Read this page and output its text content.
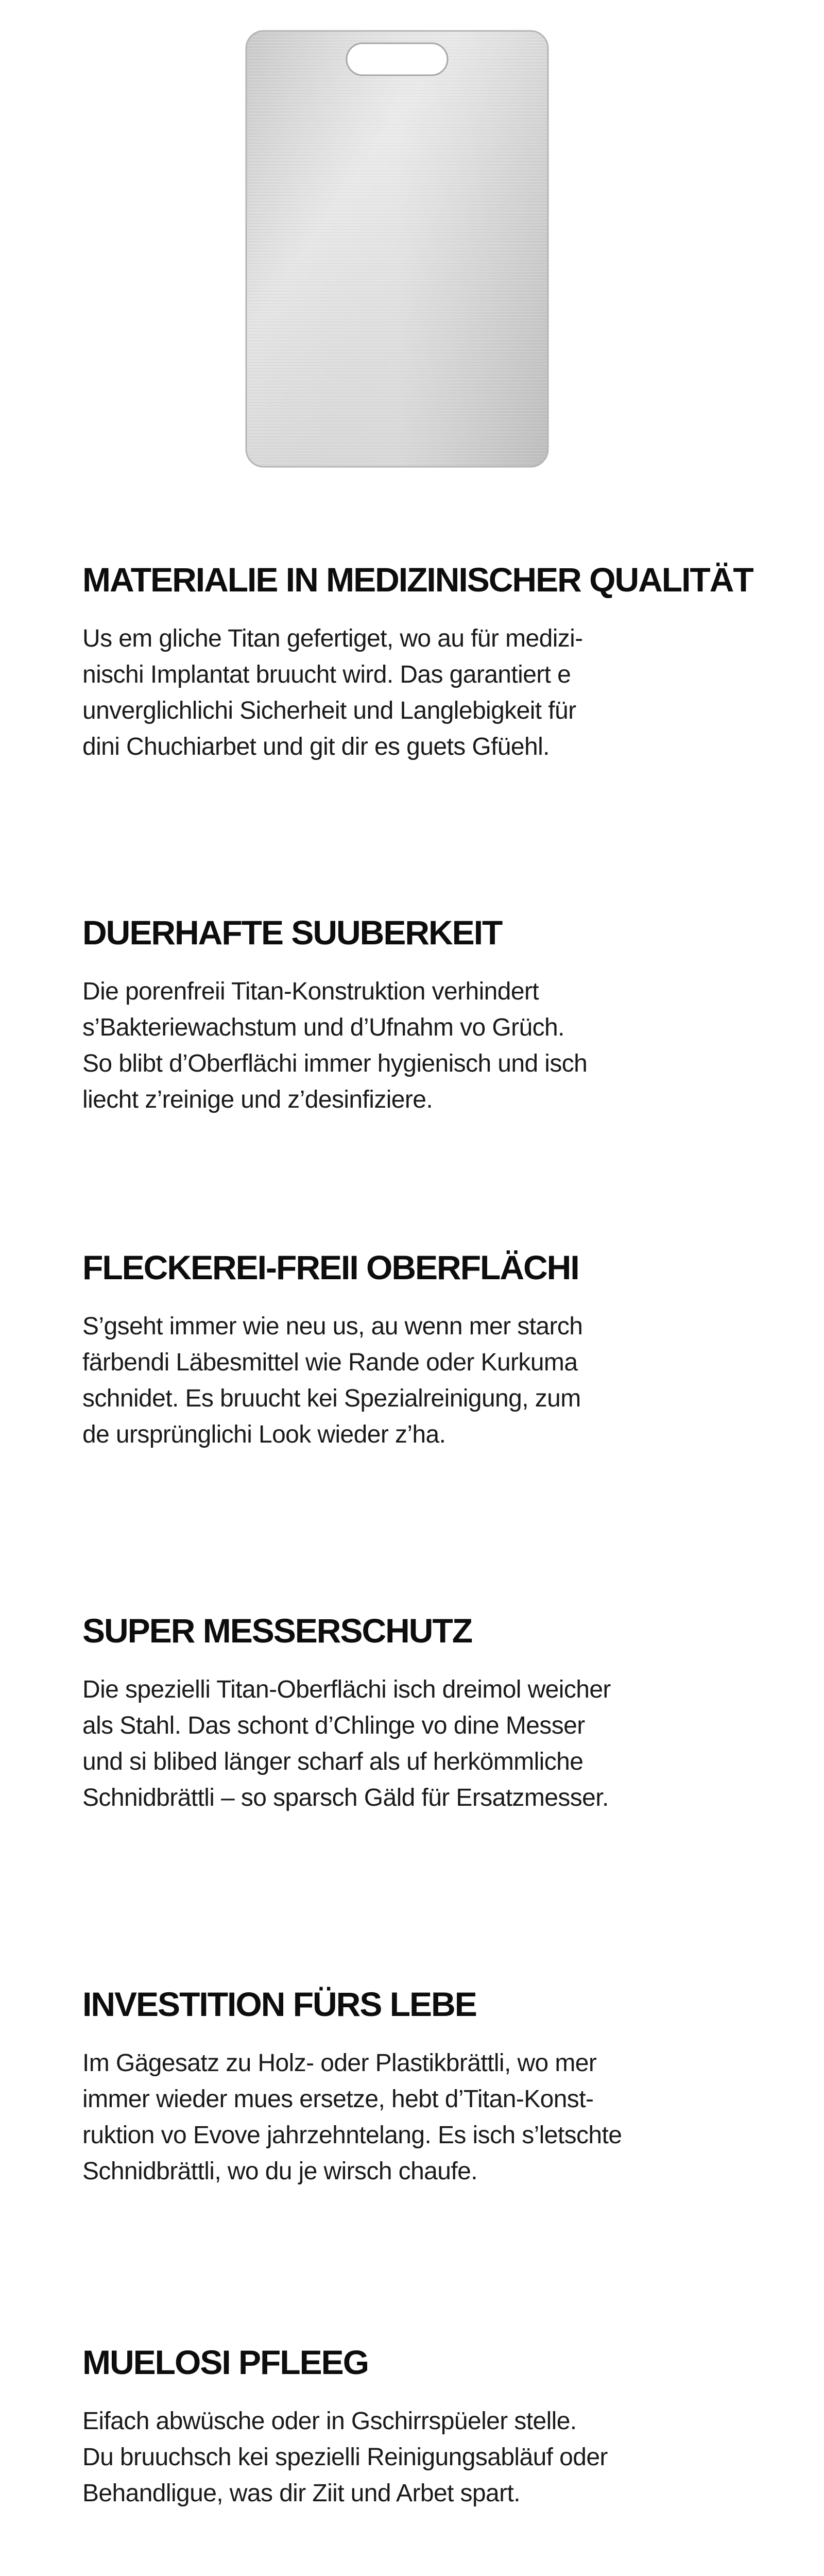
MATERIALIE IN MEDIZINISCHER QUALITÄT

Us em gliche Titan gefertiget, wo au für medizi-
nischi Implantat bruucht wird. Das garantiert e
unverglichlichi Sicherheit und Langlebigkeit für
dini Chuchiarbet und git dir es guets Gfüehl.

DUERHAFTE SUUBERKEIT

Die porenfreii Titan-Konstruktion verhindert
s’Bakteriewachstum und d’Ufnahm vo Grüch.
So blibt d’Oberflächi immer hygienisch und isch
liecht z’reinige und z’desinfiziere.

FLECKEREI-FREII OBERFLÄCHI

S’gseht immer wie neu us, au wenn mer starch
färbendi Läbesmittel wie Rande oder Kurkuma
schnidet. Es bruucht kei Spezialreinigung, zum
de ursprünglichi Look wieder z’ha.

SUPER MESSERSCHUTZ

Die spezielli Titan-Oberflächi isch dreimol weicher
als Stahl. Das schont d’Chlinge vo dine Messer
und si blibed länger scharf als uf herkömmliche
Schnidbrättli – so sparsch Gäld für Ersatzmesser.

INVESTITION FÜRS LEBE

Im Gägesatz zu Holz- oder Plastikbrättli, wo mer
immer wieder mues ersetze, hebt d’Titan-Konst-
ruktion vo Evove jahrzehntelang. Es isch s’letschte
Schnidbrättli, wo du je wirsch chaufe.

MUELOSI PFLEEG

Eifach abwüsche oder in Gschirrspüeler stelle.
Du bruuchsch kei spezielli Reinigungsabläuf oder
Behandligue, was dir Ziit und Arbet spart.
